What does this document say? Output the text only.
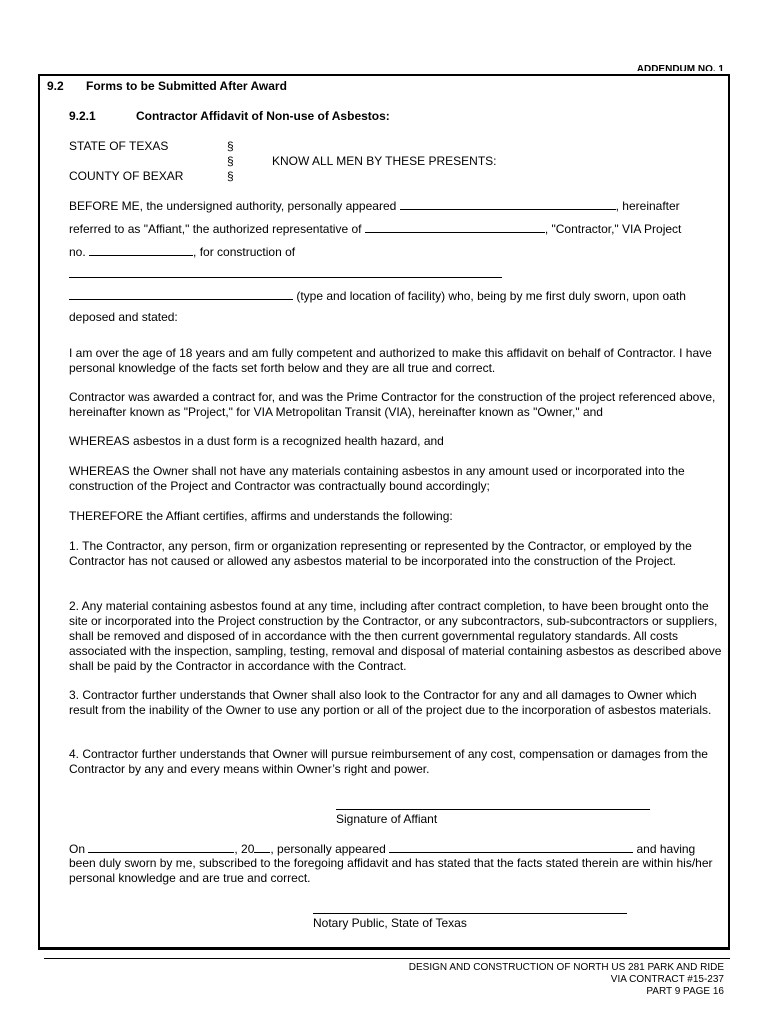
ADDENDUM NO. 1
9.2 Forms to be Submitted After Award
9.2.1	Contractor Affidavit of Non-use of Asbestos:
STATE OF TEXAS	§
§	KNOW ALL MEN BY THESE PRESENTS:
COUNTY OF BEXAR	§
BEFORE ME, the undersigned authority, personally appeared	, hereinafter
referred to as "Affiant," the authorized representative of	, "Contractor," VIA Project
no.	, for construction of
(type and location of facility) who, being by me first duly sworn, upon oath
deposed and stated:
I am over the age of 18 years and am fully competent and authorized to make this affidavit on behalf of Contractor. I have personal knowledge of the facts set forth below and they are all true and correct.
Contractor was awarded a contract for, and was the Prime Contractor for the construction of the project referenced above, hereinafter known as "Project," for VIA Metropolitan Transit (VIA), hereinafter known as "Owner," and
WHEREAS asbestos in a dust form is a recognized health hazard, and
WHEREAS the Owner shall not have any materials containing asbestos in any amount used or incorporated into the construction of the Project and Contractor was contractually bound accordingly;
THEREFORE the Affiant certifies, affirms and understands the following:
1. The Contractor, any person, firm or organization representing or represented by the Contractor, or employed by the Contractor has not caused or allowed any asbestos material to be incorporated into the construction of the Project.
2. Any material containing asbestos found at any time, including after contract completion, to have been brought onto the site or incorporated into the Project construction by the Contractor, or any subcontractors, sub-subcontractors or suppliers, shall be removed and disposed of in accordance with the then current governmental regulatory standards. All costs associated with the inspection, sampling, testing, removal and disposal of material containing asbestos as described above shall be paid by the Contractor in accordance with the Contract.
3. Contractor further understands that Owner shall also look to the Contractor for any and all damages to Owner which result from the inability of the Owner to use any portion or all of the project due to the incorporation of asbestos materials.
4. Contractor further understands that Owner will pursue reimbursement of any cost, compensation or damages from the Contractor by any and every means within Owner’s right and power.
Signature of Affiant
On	, 20 , personally appeared	and having
been duly sworn by me, subscribed to the foregoing affidavit and has stated that the facts stated therein are within his/her personal knowledge and are true and correct.
Notary Public, State of Texas
DESIGN AND CONSTRUCTION OF NORTH US 281 PARK AND RIDE
VIA CONTRACT #15-237
PART 9 PAGE 16
